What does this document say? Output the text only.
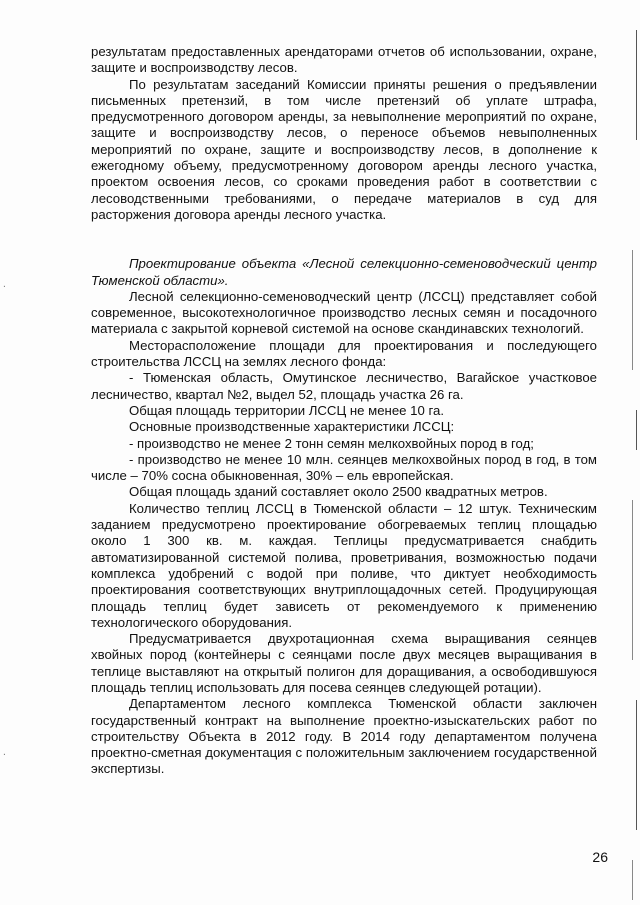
результатам предоставленных арендаторами отчетов об использовании, охране, защите и воспроизводству лесов.

По результатам заседаний Комиссии приняты решения о предъявлении письменных претензий, в том числе претензий об уплате штрафа, предусмотренного договором аренды, за невыполнение мероприятий по охране, защите и воспроизводству лесов, о переносе объемов невыполненных мероприятий по охране, защите и воспроизводству лесов, в дополнение к ежегодному объему, предусмотренному договором аренды лесного участка, проектом освоения лесов, со сроками проведения работ в соответствии с лесоводственными требованиями, о передаче материалов в суд для расторжения договора аренды лесного участка.

Проектирование объекта «Лесной селекционно-семеноводческий центр Тюменской области».

Лесной селекционно-семеноводческий центр (ЛССЦ) представляет собой современное, высокотехнологичное производство лесных семян и посадочного материала с закрытой корневой системой на основе скандинавских технологий.

Месторасположение площади для проектирования и последующего строительства ЛССЦ на землях лесного фонда:

- Тюменская область, Омутинское лесничество, Вагайское участковое лесничество, квартал №2, выдел 52, площадь участка 26 га.

Общая площадь территории ЛССЦ не менее 10 га.

Основные производственные характеристики ЛССЦ:

- производство не менее 2 тонн семян мелкохвойных пород в год;

- производство не менее 10 млн. сеянцев мелкохвойных пород в год, в том числе – 70% сосна обыкновенная, 30% – ель европейская.

Общая площадь зданий составляет около 2500 квадратных метров.

Количество теплиц ЛССЦ в Тюменской области – 12 штук. Техническим заданием предусмотрено проектирование обогреваемых теплиц площадью около 1 300 кв. м. каждая. Теплицы предусматривается снабдить автоматизированной системой полива, проветривания, возможностью подачи комплекса удобрений с водой при поливе, что диктует необходимость проектирования соответствующих внутриплощадочных сетей. Продуцирующая площадь теплиц будет зависеть от рекомендуемого к применению технологического оборудования.

Предусматривается двухротационная схема выращивания сеянцев хвойных пород (контейнеры с сеянцами после двух месяцев выращивания в теплице выставляют на открытый полигон для доращивания, а освободившуюся площадь теплиц использовать для посева сеянцев следующей ротации).

Департаментом лесного комплекса Тюменской области заключен государственный контракт на выполнение проектно-изыскательских работ по строительству Объекта в 2012 году. В 2014 году департаментом получена проектно-сметная документация с положительным заключением государственной экспертизы.

26
·
·
